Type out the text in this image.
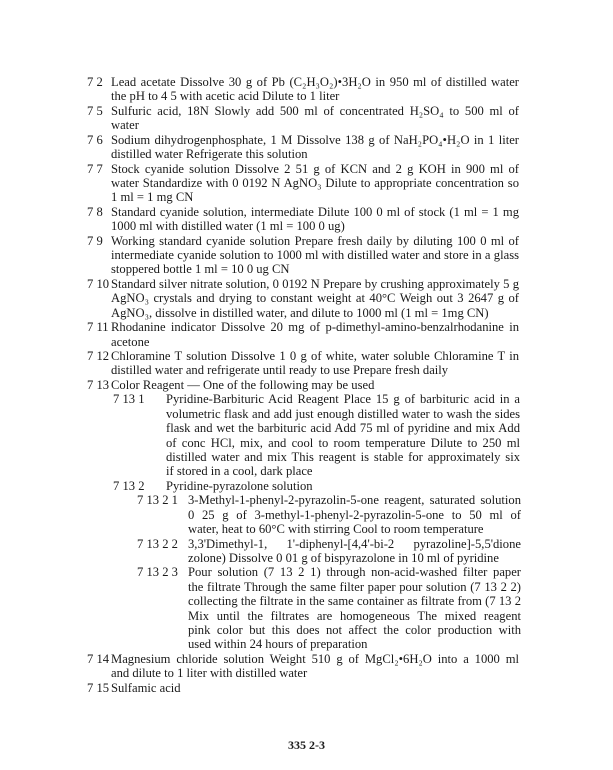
7 2 Lead acetate Dissolve 30 g of Pb (C₂H₃O₂)•3H₂O in 950 ml of distilled water
the pH to 4 5 with acetic acid Dilute to 1 liter
7 5 Sulfuric acid, 18N Slowly add 500 ml of concentrated H₂SO₄ to 500 ml of
water
7 6 Sodium dihydrogenphosphate, 1 M Dissolve 138 g of NaH₂PO₄•H₂O in 1 liter
distilled water Refrigerate this solution
7 7 Stock cyanide solution Dissolve 2 51 g of KCN and 2 g KOH in 900 ml of
water Standardize with 0 0192 N AgNO₃ Dilute to appropriate concentration so
1 ml = 1 mg CN
7 8 Standard cyanide solution, intermediate Dilute 100 0 ml of stock (1 ml = 1 mg
1000 ml with distilled water (1 ml = 100 0 ug)
7 9 Working standard cyanide solution Prepare fresh daily by diluting 100 0 ml of
intermediate cyanide solution to 1000 ml with distilled water and store in a glass
stoppered bottle 1 ml = 10 0 ug CN
7 10 Standard silver nitrate solution, 0 0192 N Prepare by crushing approximately 5 g
AgNO₃ crystals and drying to constant weight at 40°C Weigh out 3 2647 g of
AgNO₃, dissolve in distilled water, and dilute to 1000 ml (1 ml = 1mg CN)
7 11 Rhodanine indicator Dissolve 20 mg of p-dimethyl-amino-benzalrhodanine in
acetone
7 12 Chloramine T solution Dissolve 1 0 g of white, water soluble Chloramine T in
distilled water and refrigerate until ready to use Prepare fresh daily
7 13 Color Reagent — One of the following may be used
7 13 1 Pyridine-Barbituric Acid Reagent Place 15 g of barbituric acid in a
volumetric flask and add just enough distilled water to wash the sides
flask and wet the barbituric acid Add 75 ml of pyridine and mix Add
of conc HCl, mix, and cool to room temperature Dilute to 250 ml
distilled water and mix This reagent is stable for approximately six
if stored in a cool, dark place
7 13 2 Pyridine-pyrazolone solution
7 13 2 1 3-Methyl-1-phenyl-2-pyrazolin-5-one reagent, saturated solution
0 25 g of 3-methyl-1-phenyl-2-pyrazolin-5-one to 50 ml of
water, heat to 60°C with stirring Cool to room temperature
7 13 2 2 3,3'Dimethyl-1, 1'-diphenyl-[4,4'-bi-2 pyrazoline]-5,5'dione
zolone) Dissolve 0 01 g of bispyrazolone in 10 ml of pyridine
7 13 2 3 Pour solution (7 13 2 1) through non-acid-washed filter paper
the filtrate Through the same filter paper pour solution (7 13 2 2)
collecting the filtrate in the same container as filtrate from (7 13 2
Mix until the filtrates are homogeneous The mixed reagent
pink color but this does not affect the color production with
used within 24 hours of preparation
7 14 Magnesium chloride solution Weight 510 g of MgCl₂•6H₂O into a 1000 ml
and dilute to 1 liter with distilled water
7 15 Sulfamic acid
335 2-3
